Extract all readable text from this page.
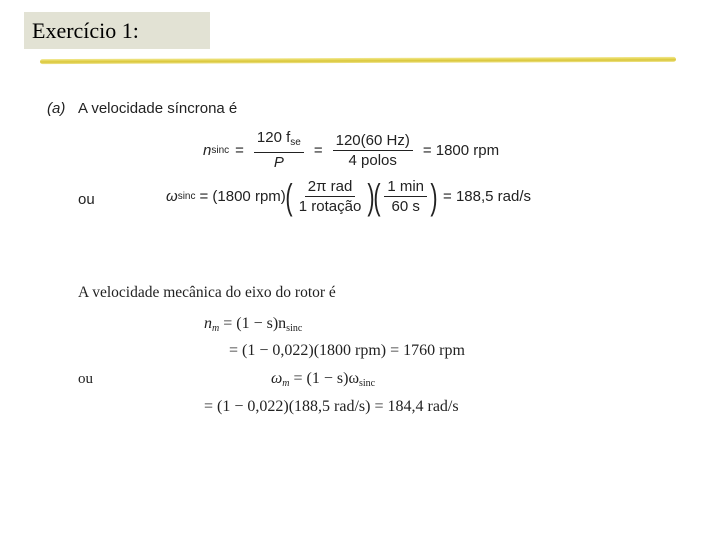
Exercício 1:
(a) A velocidade síncrona é
n $\sin c = \frac{120 f_{se}}{P} = \frac{120(60 Hz)}{\text{4 polos}} = 1800$ rpm
ou	ω sinc = (1800 rpm) ( $\frac{\text{2π rad}}{\text{1 rotação}}$ )
( $\frac{1 \min}{60 s}$ ) = 188,5 rad/s
A velocidade mecânica do eixo do rotor é
$n_m = (1 - s)n_{sinc}$
= (1 − 0,022)(1800 rpm) = 1760 rpm
ou	$\omega_m = (1 - s)\omega_{sinc}$
= (1 − 0,022)(188,5 rad/s) = 184,4 rad/s
